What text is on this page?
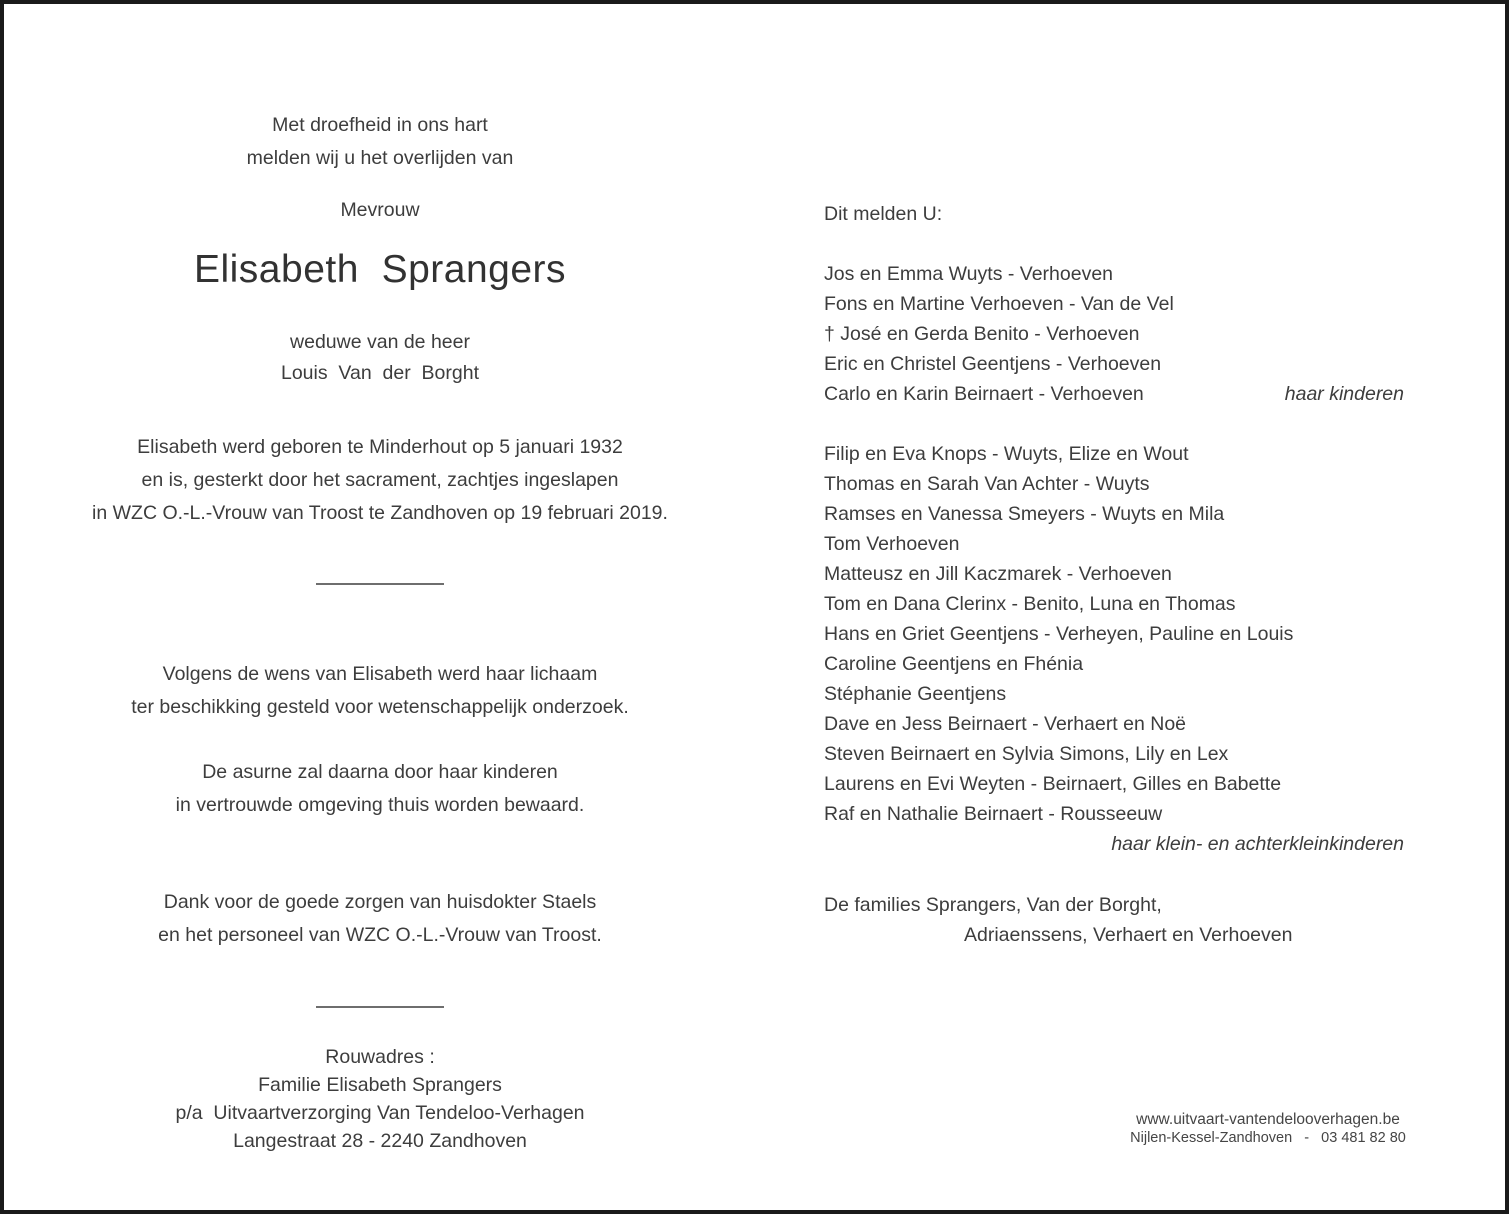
Met droefheid in ons hart
melden wij u het overlijden van
Mevrouw
Elisabeth  Sprangers
weduwe van de heer
Louis  Van  der  Borght
Elisabeth werd geboren te Minderhout op 5 januari 1932
en is, gesterkt door het sacrament, zachtjes ingeslapen
in WZC O.-L.-Vrouw van Troost te Zandhoven op 19 februari 2019.
Volgens de wens van Elisabeth werd haar lichaam
ter beschikking gesteld voor wetenschappelijk onderzoek.
De asurne zal daarna door haar kinderen
in vertrouwde omgeving thuis worden bewaard.
Dank voor de goede zorgen van huisdokter Staels
en het personeel van WZC O.-L.-Vrouw van Troost.
Rouwadres :
Familie Elisabeth Sprangers
p/a  Uitvaartverzorging Van Tendeloo-Verhagen
Langestraat 28 - 2240 Zandhoven
Dit melden U:
Jos en Emma Wuyts - Verhoeven
Fons en Martine Verhoeven - Van de Vel
† José en Gerda Benito - Verhoeven
Eric en Christel Geentjens - Verhoeven
Carlo en Karin Beirnaert - Verhoeven	haar kinderen
Filip en Eva Knops - Wuyts, Elize en Wout
Thomas en Sarah Van Achter - Wuyts
Ramses en Vanessa Smeyers - Wuyts en Mila
Tom Verhoeven
Matteusz en Jill Kaczmarek - Verhoeven
Tom en Dana Clerinx - Benito, Luna en Thomas
Hans en Griet Geentjens - Verheyen, Pauline en Louis
Caroline Geentjens en Fhénia
Stéphanie Geentjens
Dave en Jess Beirnaert - Verhaert en Noë
Steven Beirnaert en Sylvia Simons, Lily en Lex
Laurens en Evi Weyten - Beirnaert, Gilles en Babette
Raf en Nathalie Beirnaert - Rousseeuw
haar klein- en achterkleinkinderen
De families Sprangers, Van der Borght,
Adriaenssens, Verhaert en Verhoeven
www.uitvaart-vantendelooverhagen.be
Nijlen-Kessel-Zandhoven   -   03 481 82 80
